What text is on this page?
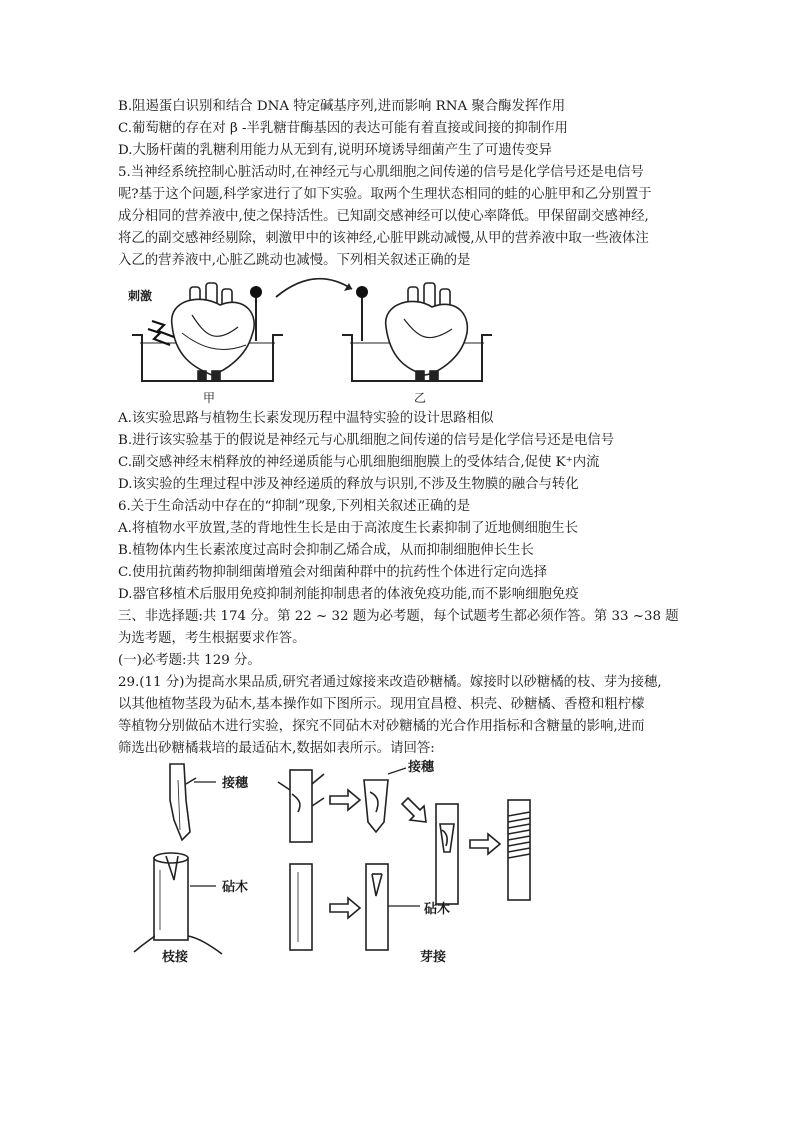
B.阻遏蛋白识别和结合 DNA 特定碱基序列,进而影响 RNA 聚合酶发挥作用
C.葡萄糖的存在对 β -半乳糖苷酶基因的表达可能有着直接或间接的抑制作用
D.大肠杆菌的乳糖利用能力从无到有,说明环境诱导细菌产生了可遗传变异
5.当神经系统控制心脏活动时,在神经元与心肌细胞之间传递的信号是化学信号还是电信号
呢?基于这个问题,科学家进行了如下实验。取两个生理状态相同的蛙的心脏甲和乙分别置于
成分相同的营养液中,使之保持活性。已知副交感神经可以使心率降低。甲保留副交感神经,
将乙的副交感神经剔除，刺激甲中的该神经,心脏甲跳动减慢,从甲的营养液中取一些液体注
入乙的营养液中,心脏乙跳动也减慢。下列相关叙述正确的是
刺激
甲	乙
A.该实验思路与植物生长素发现历程中温特实验的设计思路相似
B.进行该实验基于的假说是神经元与心肌细胞之间传递的信号是化学信号还是电信号
C.副交感神经末梢释放的神经递质能与心肌细胞细胞膜上的受体结合,促使 K⁺内流
D.该实验的生理过程中涉及神经递质的释放与识别,不涉及生物膜的融合与转化
6.关于生命活动中存在的“抑制”现象,下列相关叙述正确的是
A.将植物水平放置,茎的背地性生长是由于高浓度生长素抑制了近地侧细胞生长
B.植物体内生长素浓度过高时会抑制乙烯合成，从而抑制细胞伸长生长
C.使用抗菌药物抑制细菌增殖会对细菌种群中的抗药性个体进行定向选择
D.器官移植术后服用免疫抑制剂能抑制患者的体液免疫功能,而不影响细胞免疫
三、非选择题:共 174 分。第 22 ~ 32 题为必考题，每个试题考生都必须作答。第 33 ~38 题
为选考题，考生根据要求作答。
(一)必考题:共 129 分。
29.(11 分)为提高水果品质,研究者通过嫁接来改造砂糖橘。嫁接时以砂糖橘的枝、芽为接穗,
以其他植物茎段为砧木,基本操作如下图所示。现用宜昌橙、枳壳、砂糖橘、香橙和粗柠檬
等植物分别做砧木进行实验，探究不同砧木对砂糖橘的光合作用指标和含糖量的影响,进而
筛选出砂糖橘栽培的最适砧木,数据如表所示。请回答:
接穗
砧木
枝接
接穗
砧木
芽接
